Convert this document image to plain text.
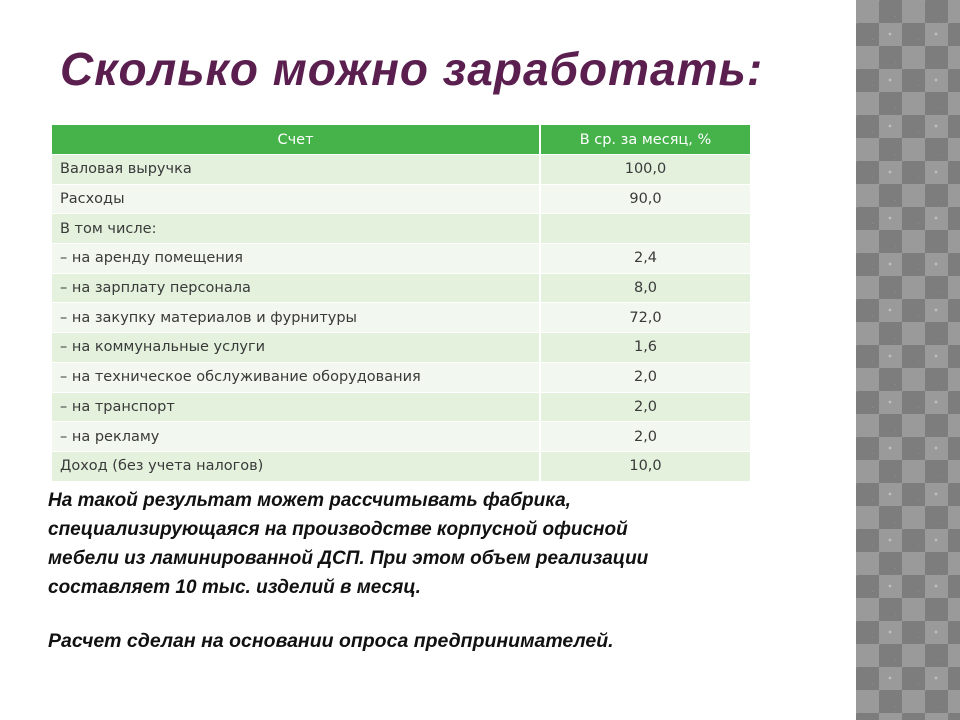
Сколько можно заработать:
Счет	В ср. за месяц, %
Валовая выручка	100,0
Расходы	90,0
В том числе:	
– на аренду помещения	2,4
– на зарплату персонала	8,0
– на закупку материалов и фурнитуры	72,0
– на коммунальные услуги	1,6
– на техническое обслуживание оборудования	2,0
– на транспорт	2,0
– на рекламу	2,0
Доход (без учета налогов)	10,0

На такой результат может рассчитывать фабрика,
специализирующаяся на производстве корпусной офисной
мебели из ламинированной ДСП. При этом объем реализации
составляет 10 тыс. изделий в месяц.

Расчет сделан на основании опроса предпринимателей.
